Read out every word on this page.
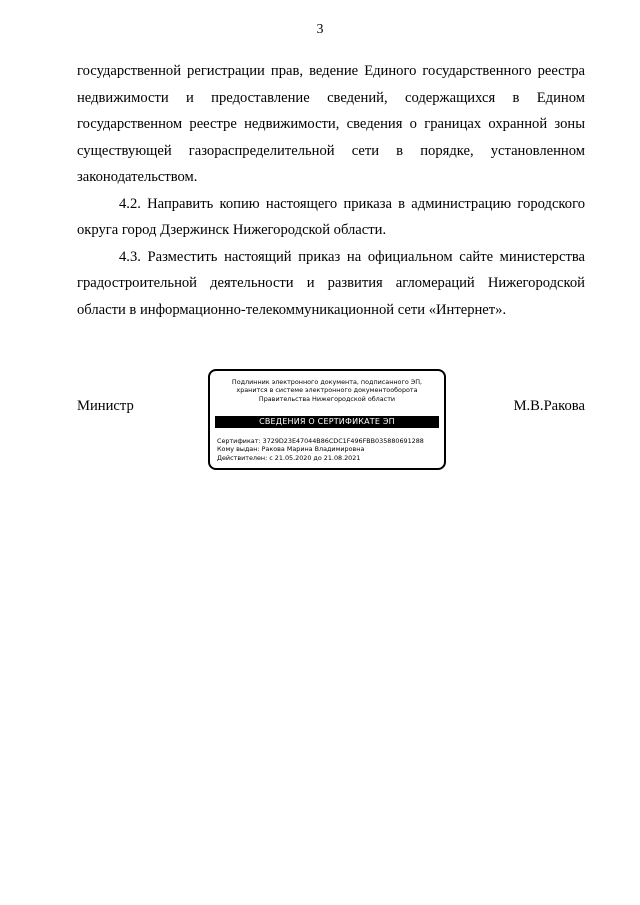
3

государственной регистрации прав, ведение Единого государственного реестра недвижимости и предоставление сведений, содержащихся в Едином государственном реестре недвижимости, сведения о границах охранной зоны существующей газораспределительной сети в порядке, установленном законодательством.

4.2. Направить копию настоящего приказа в администрацию городского округа город Дзержинск Нижегородской области.

4.3. Разместить настоящий приказ на официальном сайте министерства градостроительной деятельности и развития агломераций Нижегородской области в информационно-телекоммуникационной сети «Интернет».

Министр	М.В.Ракова
Подлинник электронного документа, подписанного ЭП,
хранится в системе электронного документооборота
Правительства Нижегородской области
СВЕДЕНИЯ О СЕРТИФИКАТЕ ЭП
Сертификат: 3729D23E47044B86CDC1F496FBB035880691288
Кому выдан: Ракова Марина Владимировна
Действителен: с 21.05.2020 до 21.08.2021
